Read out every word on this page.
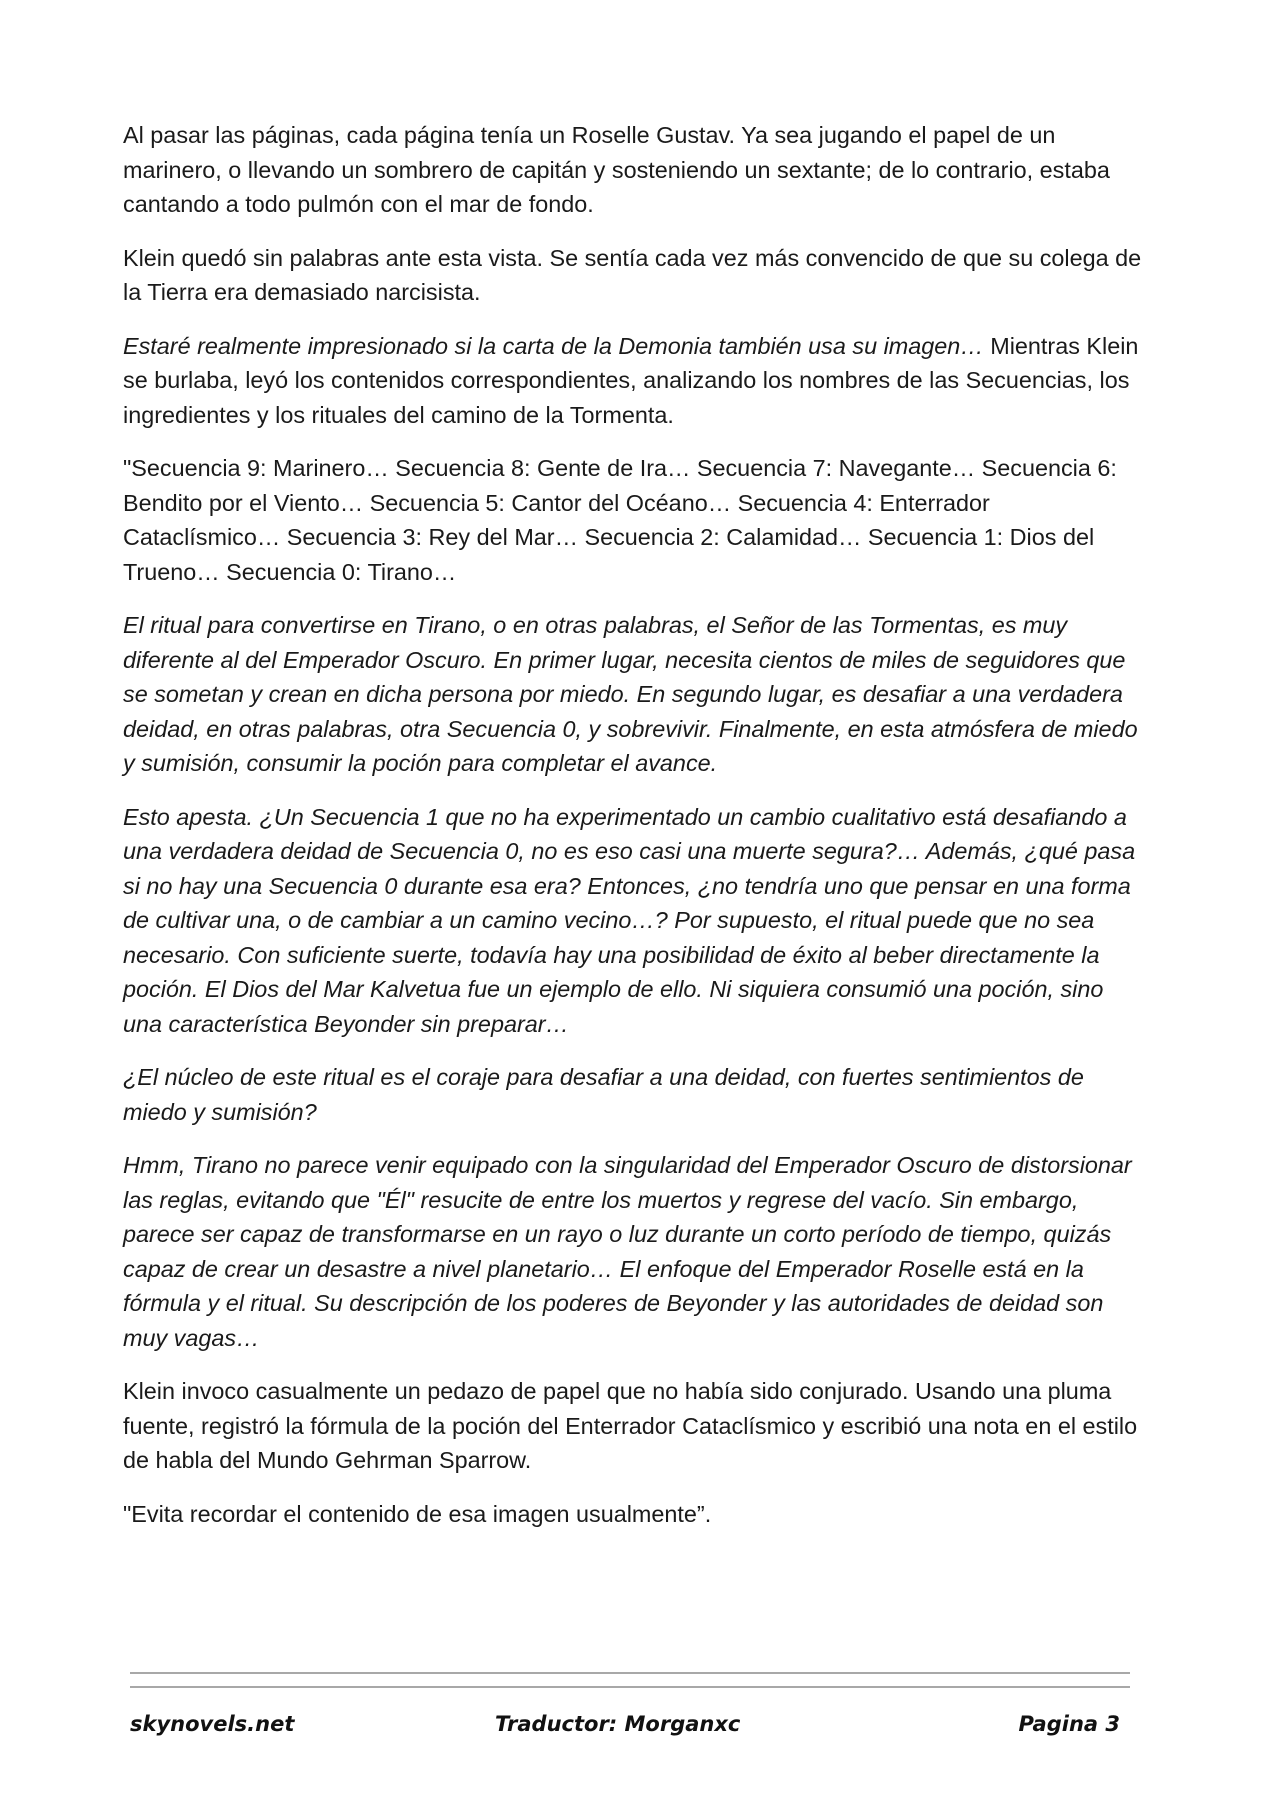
Al pasar las páginas, cada página tenía un Roselle Gustav. Ya sea jugando el papel de un marinero, o llevando un sombrero de capitán y sosteniendo un sextante; de lo contrario, estaba cantando a todo pulmón con el mar de fondo.

Klein quedó sin palabras ante esta vista. Se sentía cada vez más convencido de que su colega de la Tierra era demasiado narcisista.

Estaré realmente impresionado si la carta de la Demonia también usa su imagen… Mientras Klein se burlaba, leyó los contenidos correspondientes, analizando los nombres de las Secuencias, los ingredientes y los rituales del camino de la Tormenta.

"Secuencia 9: Marinero… Secuencia 8: Gente de Ira… Secuencia 7: Navegante… Secuencia 6: Bendito por el Viento… Secuencia 5: Cantor del Océano… Secuencia 4: Enterrador Cataclísmico… Secuencia 3: Rey del Mar… Secuencia 2: Calamidad… Secuencia 1: Dios del Trueno… Secuencia 0: Tirano…

El ritual para convertirse en Tirano, o en otras palabras, el Señor de las Tormentas, es muy diferente al del Emperador Oscuro. En primer lugar, necesita cientos de miles de seguidores que se sometan y crean en dicha persona por miedo. En segundo lugar, es desafiar a una verdadera deidad, en otras palabras, otra Secuencia 0, y sobrevivir. Finalmente, en esta atmósfera de miedo y sumisión, consumir la poción para completar el avance.

Esto apesta. ¿Un Secuencia 1 que no ha experimentado un cambio cualitativo está desafiando a una verdadera deidad de Secuencia 0, no es eso casi una muerte segura?… Además, ¿qué pasa si no hay una Secuencia 0 durante esa era? Entonces, ¿no tendría uno que pensar en una forma de cultivar una, o de cambiar a un camino vecino…? Por supuesto, el ritual puede que no sea necesario. Con suficiente suerte, todavía hay una posibilidad de éxito al beber directamente la poción. El Dios del Mar Kalvetua fue un ejemplo de ello. Ni siquiera consumió una poción, sino una característica Beyonder sin preparar…

¿El núcleo de este ritual es el coraje para desafiar a una deidad, con fuertes sentimientos de miedo y sumisión?

Hmm, Tirano no parece venir equipado con la singularidad del Emperador Oscuro de distorsionar las reglas, evitando que "Él" resucite de entre los muertos y regrese del vacío. Sin embargo, parece ser capaz de transformarse en un rayo o luz durante un corto período de tiempo, quizás capaz de crear un desastre a nivel planetario… El enfoque del Emperador Roselle está en la fórmula y el ritual. Su descripción de los poderes de Beyonder y las autoridades de deidad son muy vagas…

Klein invoco casualmente un pedazo de papel que no había sido conjurado. Usando una pluma fuente, registró la fórmula de la poción del Enterrador Cataclísmico y escribió una nota en el estilo de habla del Mundo Gehrman Sparrow.

"Evita recordar el contenido de esa imagen usualmente”.

skynovels.net	Traductor: Morganxc	Pagina 3
